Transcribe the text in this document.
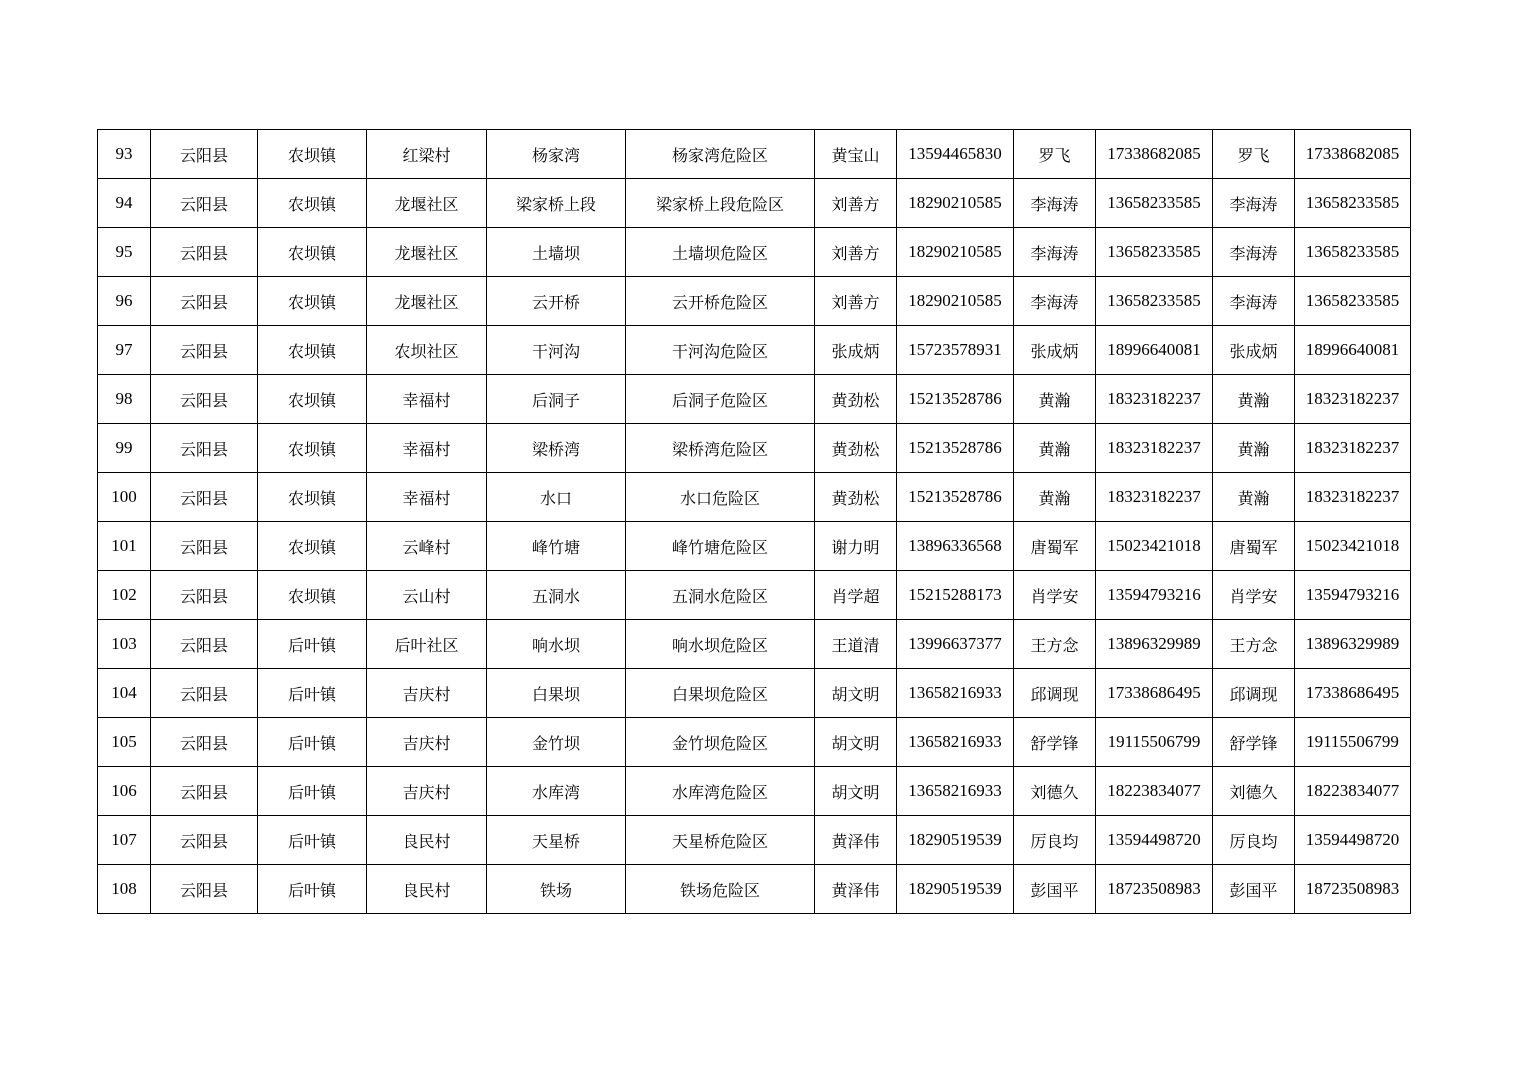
93	云阳县	农坝镇	红梁村	杨家湾	杨家湾危险区	黄宝山	13594465830	罗飞	17338682085	罗飞	17338682085
94	云阳县	农坝镇	龙堰社区	梁家桥上段	梁家桥上段危险区	刘善方	18290210585	李海涛	13658233585	李海涛	13658233585
95	云阳县	农坝镇	龙堰社区	土墙坝	土墙坝危险区	刘善方	18290210585	李海涛	13658233585	李海涛	13658233585
96	云阳县	农坝镇	龙堰社区	云开桥	云开桥危险区	刘善方	18290210585	李海涛	13658233585	李海涛	13658233585
97	云阳县	农坝镇	农坝社区	干河沟	干河沟危险区	张成炳	15723578931	张成炳	18996640081	张成炳	18996640081
98	云阳县	农坝镇	幸福村	后洞子	后洞子危险区	黄劲松	15213528786	黄瀚	18323182237	黄瀚	18323182237
99	云阳县	农坝镇	幸福村	梁桥湾	梁桥湾危险区	黄劲松	15213528786	黄瀚	18323182237	黄瀚	18323182237
100	云阳县	农坝镇	幸福村	水口	水口危险区	黄劲松	15213528786	黄瀚	18323182237	黄瀚	18323182237
101	云阳县	农坝镇	云峰村	峰竹塘	峰竹塘危险区	谢力明	13896336568	唐蜀军	15023421018	唐蜀军	15023421018
102	云阳县	农坝镇	云山村	五洞水	五洞水危险区	肖学超	15215288173	肖学安	13594793216	肖学安	13594793216
103	云阳县	后叶镇	后叶社区	响水坝	响水坝危险区	王道清	13996637377	王方念	13896329989	王方念	13896329989
104	云阳县	后叶镇	吉庆村	白果坝	白果坝危险区	胡文明	13658216933	邱调现	17338686495	邱调现	17338686495
105	云阳县	后叶镇	吉庆村	金竹坝	金竹坝危险区	胡文明	13658216933	舒学锋	19115506799	舒学锋	19115506799
106	云阳县	后叶镇	吉庆村	水库湾	水库湾危险区	胡文明	13658216933	刘德久	18223834077	刘德久	18223834077
107	云阳县	后叶镇	良民村	天星桥	天星桥危险区	黄泽伟	18290519539	厉良均	13594498720	厉良均	13594498720
108	云阳县	后叶镇	良民村	铁场	铁场危险区	黄泽伟	18290519539	彭国平	18723508983	彭国平	18723508983
